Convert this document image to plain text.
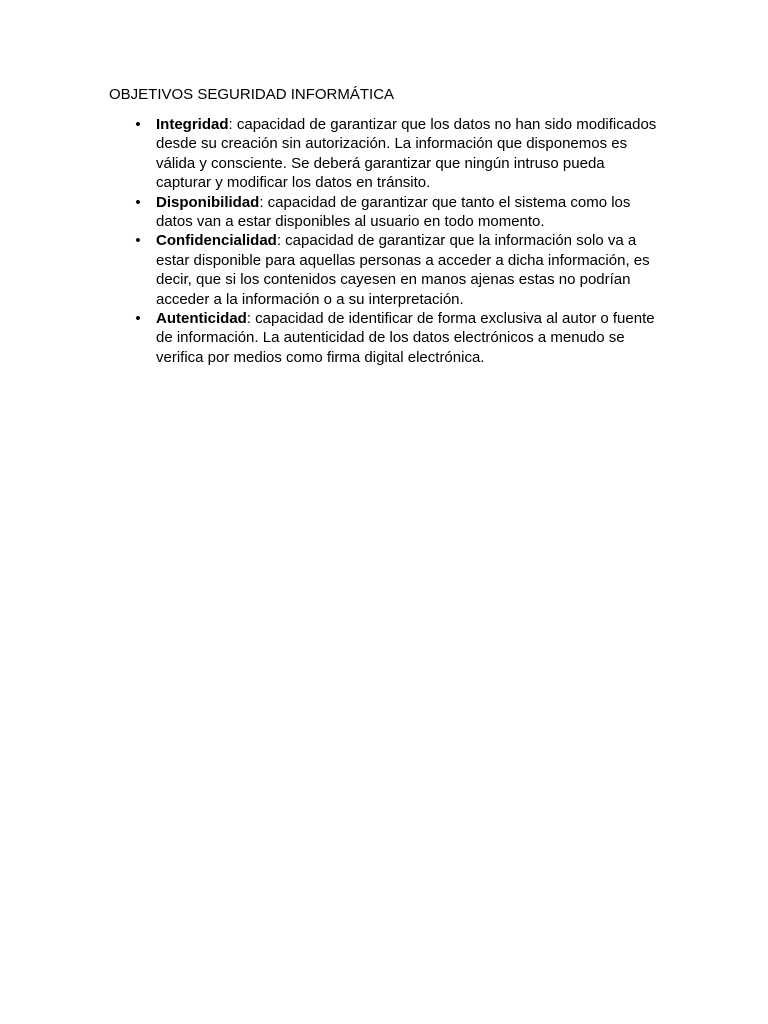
OBJETIVOS SEGURIDAD INFORMÁTICA
• Integridad: capacidad de garantizar que los datos no han sido modificados desde su creación sin autorización. La información que disponemos es válida y consciente. Se deberá garantizar que ningún intruso pueda capturar y modificar los datos en tránsito.
• Disponibilidad: capacidad de garantizar que tanto el sistema como los datos van a estar disponibles al usuario en todo momento.
• Confidencialidad: capacidad de garantizar que la información solo va a estar disponible para aquellas personas a acceder a dicha información, es decir, que si los contenidos cayesen en manos ajenas estas no podrían acceder a la información o a su interpretación.
• Autenticidad: capacidad de identificar de forma exclusiva al autor o fuente de información. La autenticidad de los datos electrónicos a menudo se verifica por medios como firma digital electrónica.
